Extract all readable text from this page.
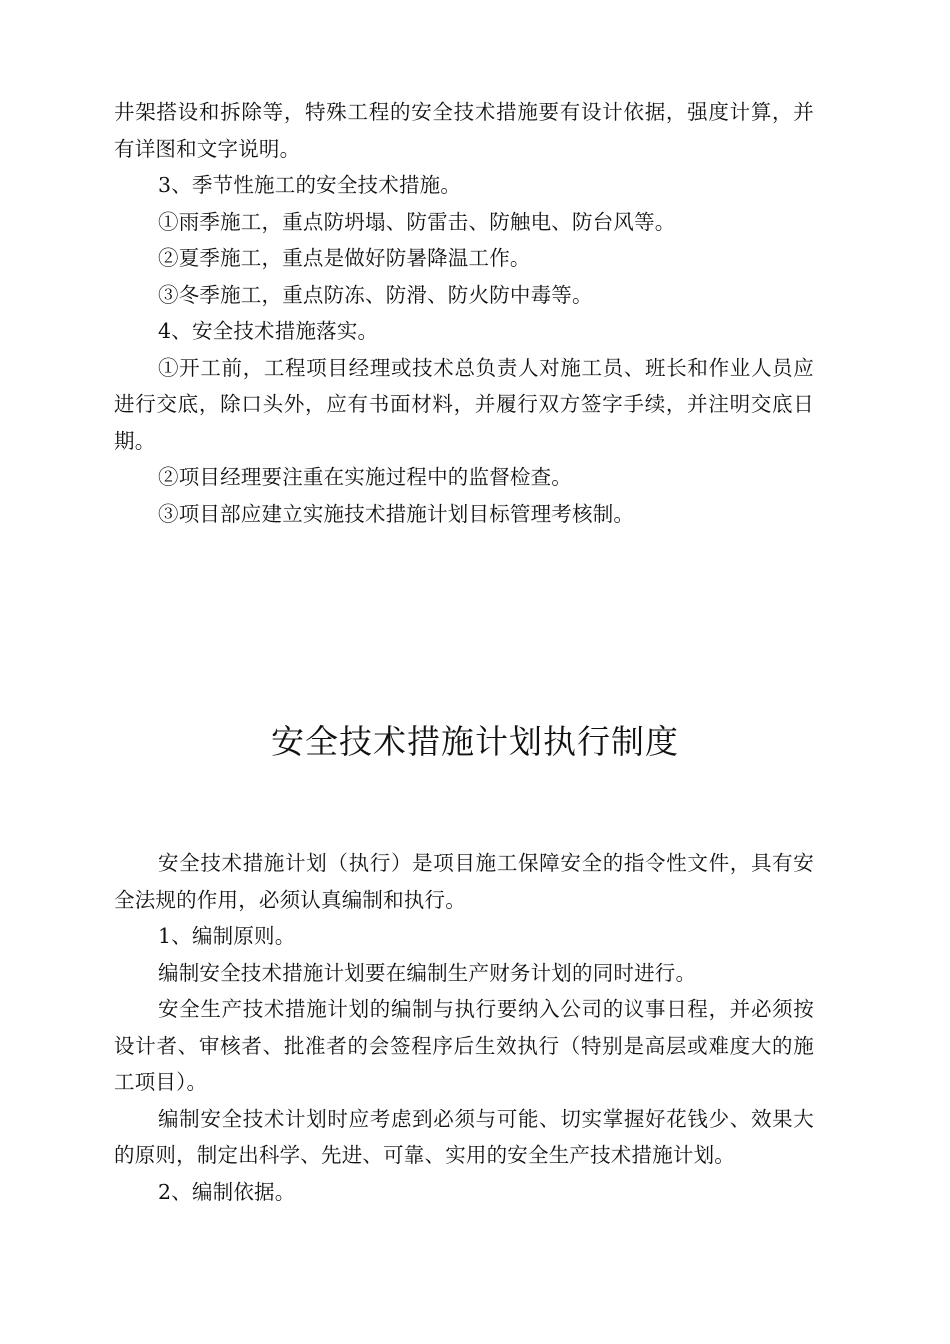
井架搭设和拆除等，特殊工程的安全技术措施要有设计依据，强度计算，并有详图和文字说明。

3、季节性施工的安全技术措施。

①雨季施工，重点防坍塌、防雷击、防触电、防台风等。

②夏季施工，重点是做好防暑降温工作。

③冬季施工，重点防冻、防滑、防火防中毒等。

4、安全技术措施落实。

①开工前，工程项目经理或技术总负责人对施工员、班长和作业人员应进行交底，除口头外，应有书面材料，并履行双方签字手续，并注明交底日期。

②项目经理要注重在实施过程中的监督检查。

③项目部应建立实施技术措施计划目标管理考核制。

安全技术措施计划执行制度

安全技术措施计划（执行）是项目施工保障安全的指令性文件，具有安全法规的作用，必须认真编制和执行。

1、编制原则。

编制安全技术措施计划要在编制生产财务计划的同时进行。

安全生产技术措施计划的编制与执行要纳入公司的议事日程，并必须按设计者、审核者、批准者的会签程序后生效执行（特别是高层或难度大的施工项目）。

编制安全技术计划时应考虑到必须与可能、切实掌握好花钱少、效果大的原则，制定出科学、先进、可靠、实用的安全生产技术措施计划。

2、编制依据。
